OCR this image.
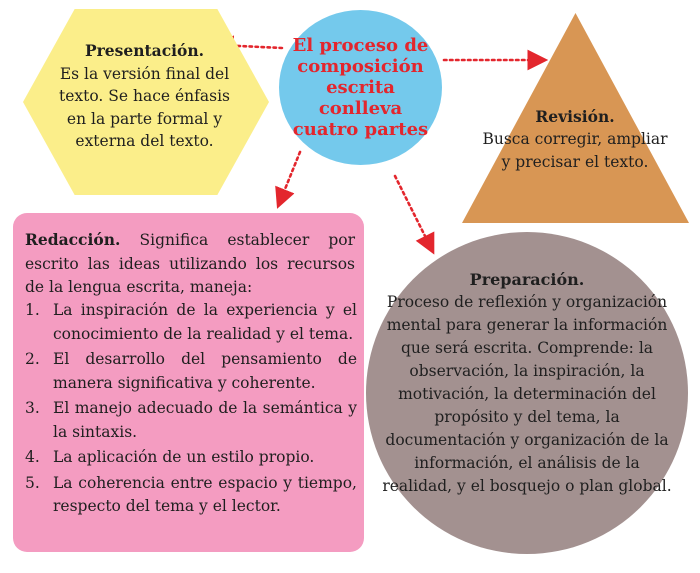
Presentación.
Es la versión final del texto. Se hace énfasis en la parte formal y externa del texto.
El proceso de composición escrita conlleva cuatro partes
Revisión.
Busca corregir, ampliar y precisar el texto.
Redacción. Significa establecer por escrito las ideas utilizando los recursos de la lengua escrita, maneja:
1. La inspiración de la experiencia y el conocimiento de la realidad y el tema.
2. El desarrollo del pensamiento de manera significativa y coherente.
3. El manejo adecuado de la semántica y la sintaxis.
4. La aplicación de un estilo propio.
5. La coherencia entre espacio y tiempo, respecto del tema y el lector.
Preparación.
Proceso de reflexión y organización mental para generar la información que será escrita. Comprende: la observación, la inspiración, la motivación, la determinación del propósito y del tema, la documentación y organización de la información, el análisis de la realidad, y el bosquejo o plan global.
